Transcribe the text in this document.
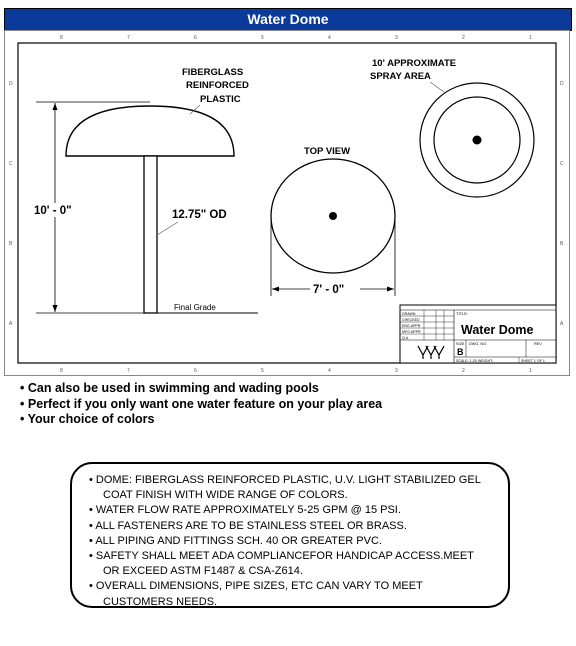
Water Dome
8	7	6	5	4	3	2	1
8	7	6	5	4	3	2	1
D
C
B
A
D
C
B
A
Final Grade
10' - 0"
FIBERGLASS
REINFORCED
PLASTIC
12.75" OD
TOP VIEW
7' - 0"
10' APPROXIMATE
SPRAY AREA
DRAWN
CHECKED
ENG APPR
MFG APPR
Q.A.
TITLE:
Water Dome
SIZE
B
DWG. NO.	REV
SCALE: 1:20 WEIGHT:	SHEET 1 OF 1
• Can also be used in swimming and wading pools
• Perfect if you only want one water feature on your play area
• Your choice of colors
• DOME: FIBERGLASS REINFORCED PLASTIC, U.V. LIGHT STABILIZED GEL
COAT FINISH WITH WIDE RANGE OF COLORS.
• WATER FLOW RATE APPROXIMATELY 5-25 GPM @ 15 PSI.
• ALL FASTENERS ARE TO BE STAINLESS STEEL OR BRASS.
• ALL PIPING AND FITTINGS SCH. 40 OR GREATER PVC.
• SAFETY SHALL MEET ADA COMPLIANCEFOR HANDICAP ACCESS.MEET
OR EXCEED ASTM F1487 & CSA-Z614.
• OVERALL DIMENSIONS, PIPE SIZES, ETC CAN VARY TO MEET
CUSTOMERS NEEDS.
